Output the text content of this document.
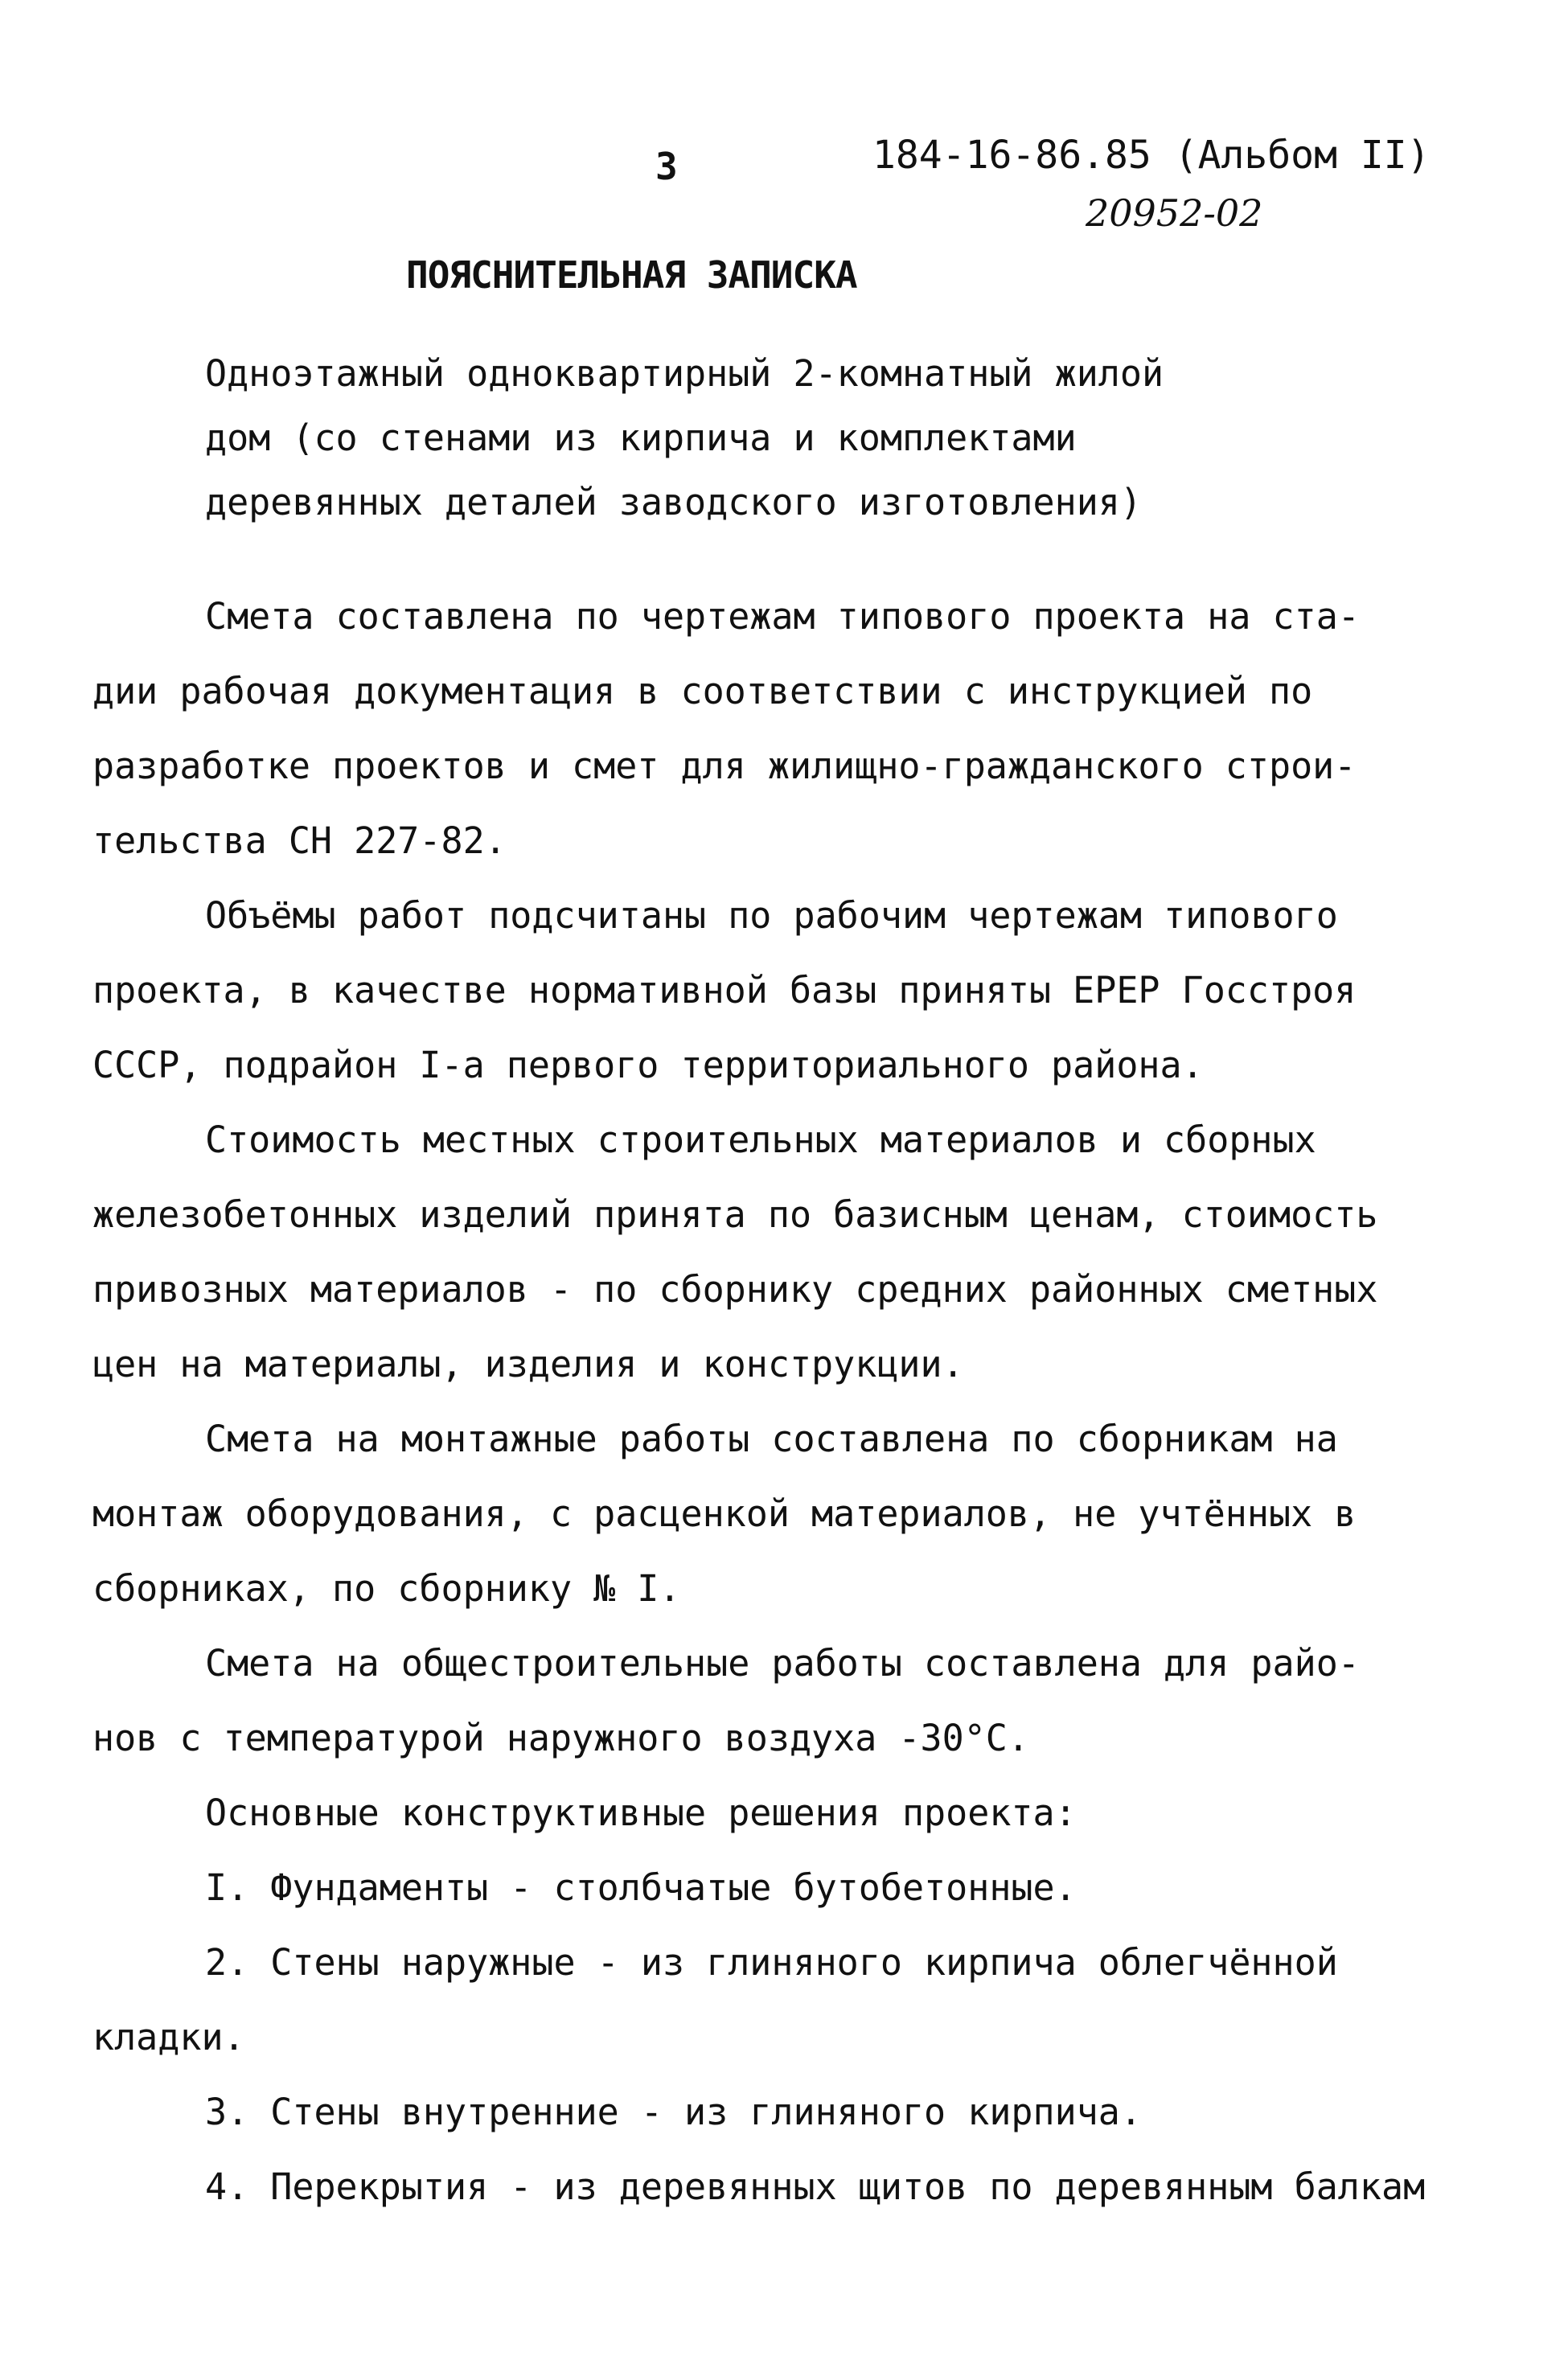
3	184-16-86.85 (Альбом II)
20952-02
ПОЯСНИТЕЛЬНАЯ ЗАПИСКА
Одноэтажный одноквартирный 2-комнатный жилой
дом (со стенами из кирпича и комплектами
деревянных деталей заводского изготовления)
Смета составлена по чертежам типового проекта на ста-
дии рабочая документация в соответствии с инструкцией по
разработке проектов и смет для жилищно-гражданского строи-
тельства СН 227-82.
Объёмы работ подсчитаны по рабочим чертежам типового
проекта, в качестве нормативной базы приняты ЕРЕР Госстроя
СССР, подрайон I-а первого территориального района.
Стоимость местных строительных материалов и сборных
железобетонных изделий принята по базисным ценам, стоимость
привозных материалов - по сборнику средних районных сметных
цен на материалы, изделия и конструкции.
Смета на монтажные работы составлена по сборникам на
монтаж оборудования, с расценкой материалов, не учтённых в
сборниках, по сборнику № I.
Смета на общестроительные работы составлена для райо-
нов с температурой наружного воздуха -30°С.
Основные конструктивные решения проекта:
I. Фундаменты - столбчатые бутобетонные.
2. Стены наружные - из глиняного кирпича облегчённой
кладки.
3. Стены внутренние - из глиняного кирпича.
4. Перекрытия - из деревянных щитов по деревянным балкам
